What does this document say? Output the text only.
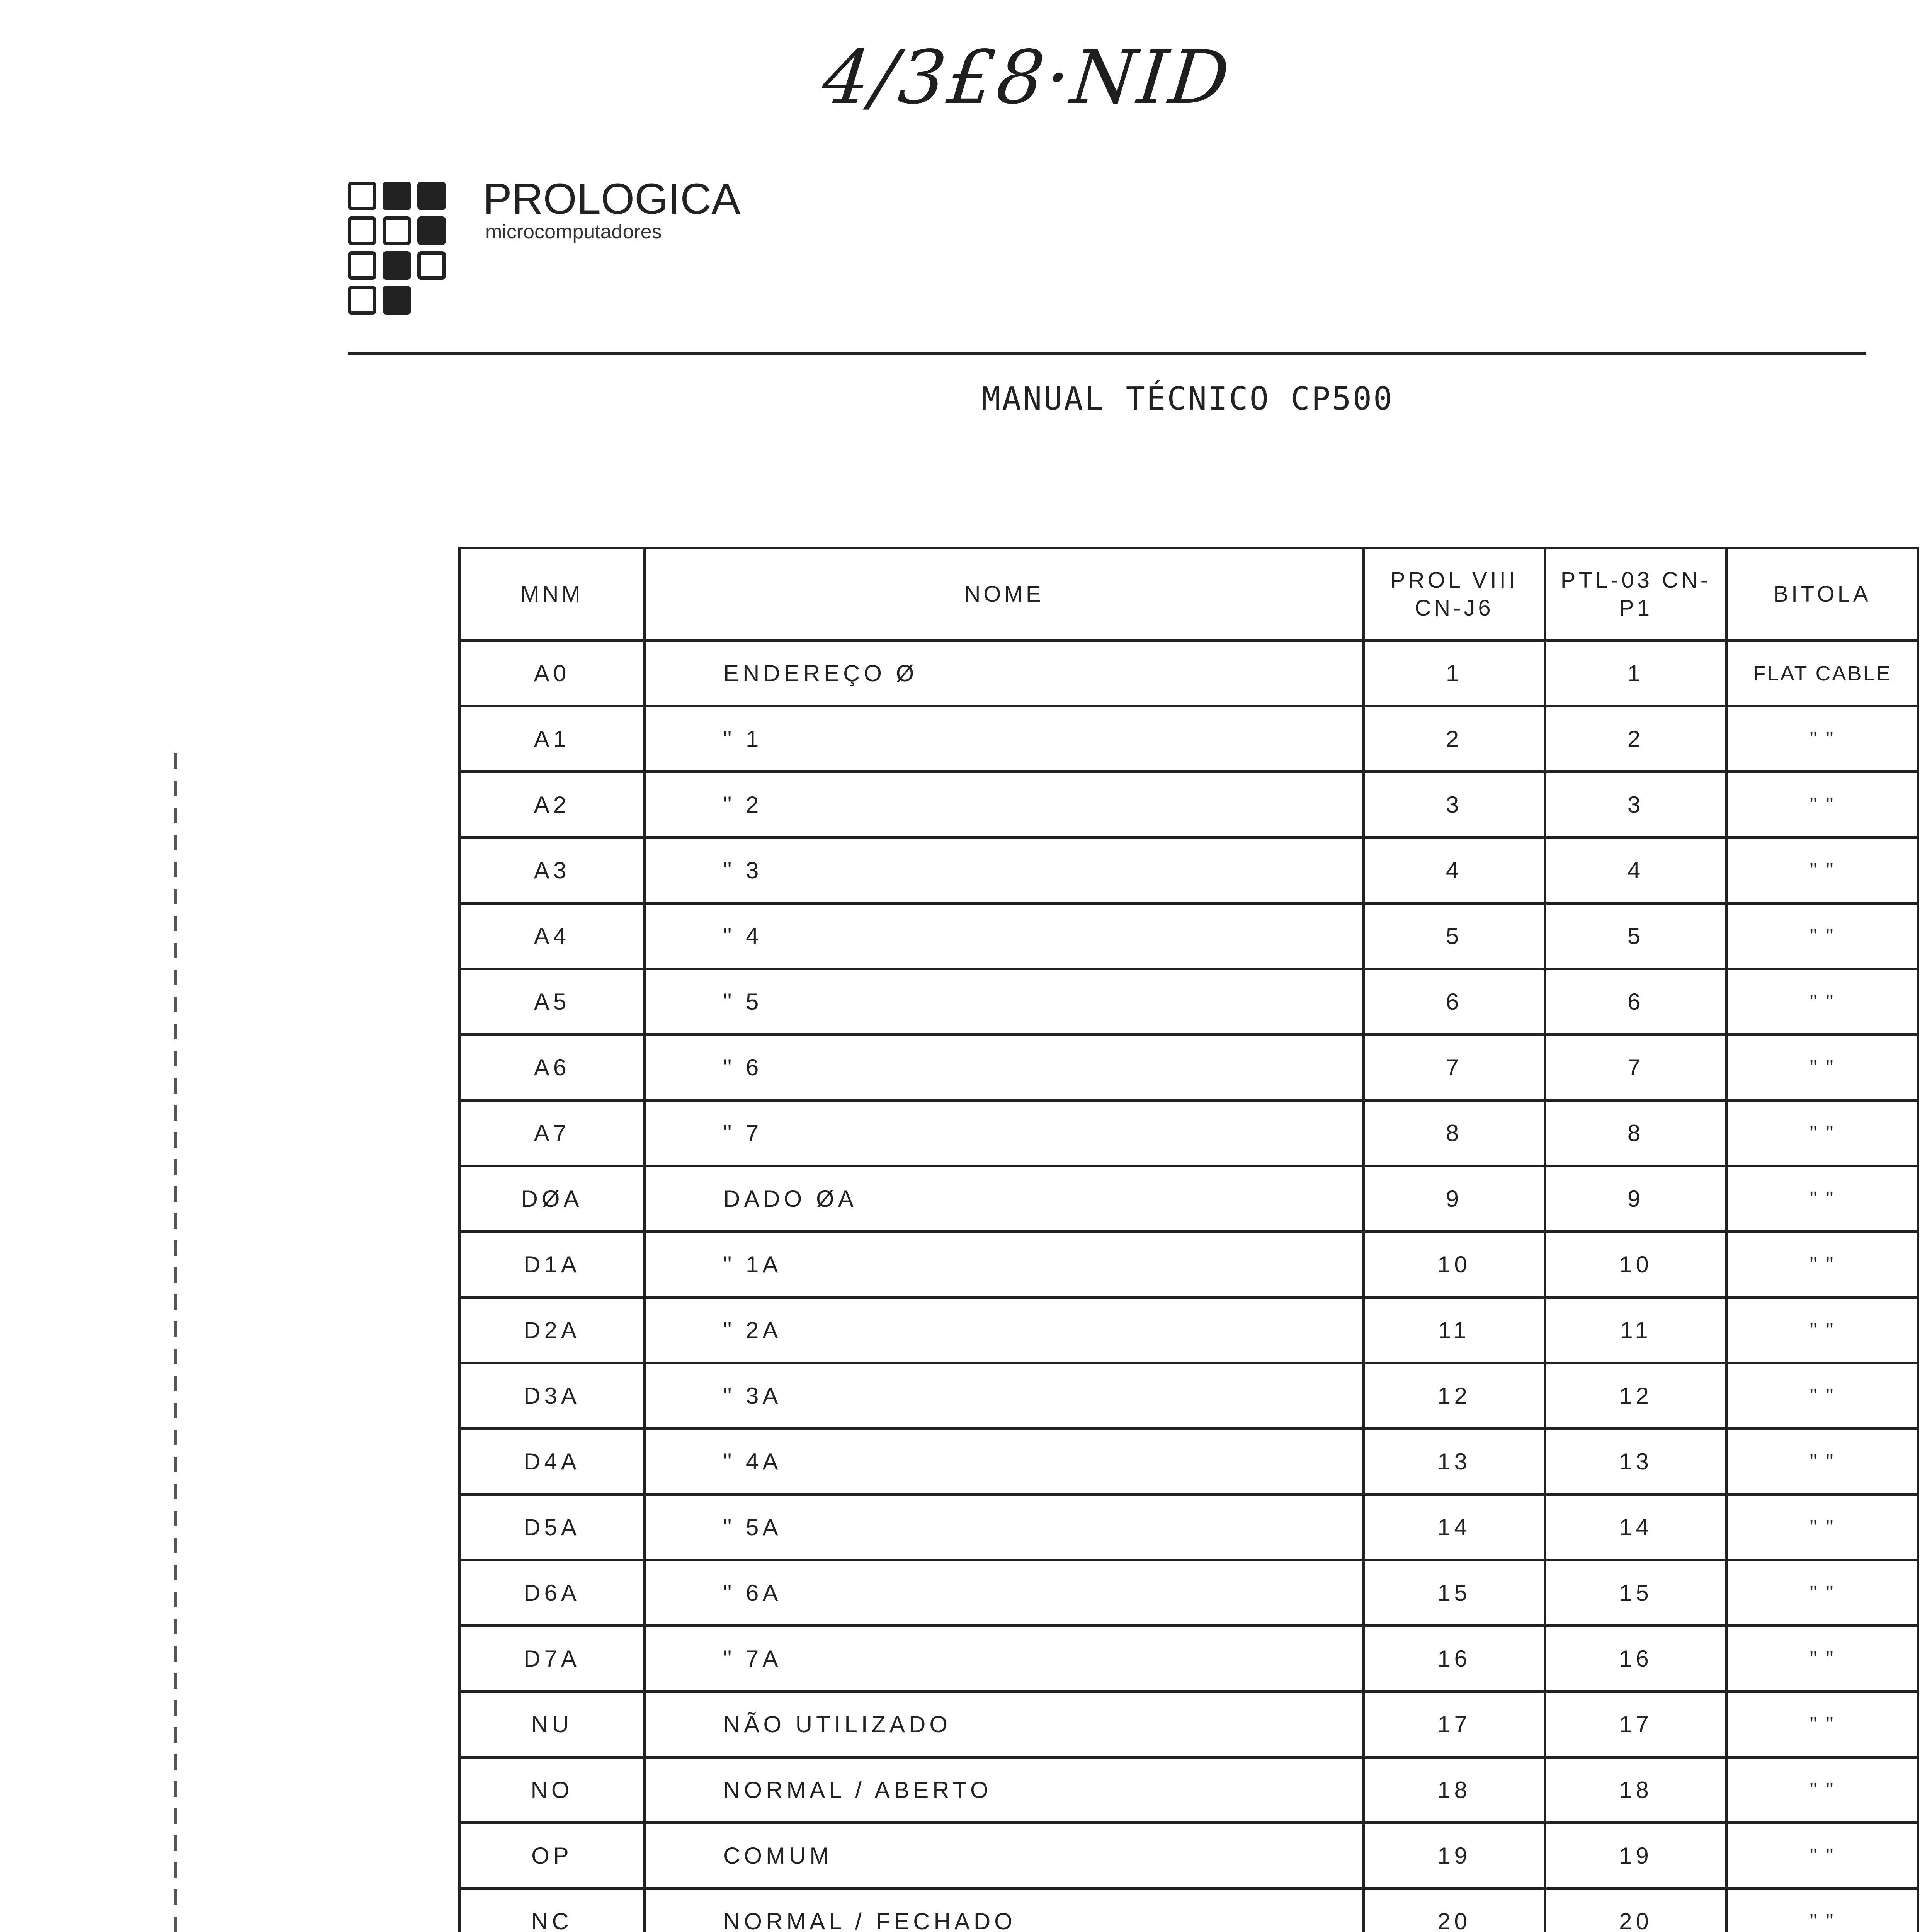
4/3£8·NID
PROLOGICA
microcomputadores
MANUAL TÉCNICO CP500
MNM	NOME	PROL VIII CN-J6	PTL-03 CN-P1	BITOLA
A0	ENDEREÇO Ø	1	1	FLAT CABLE
A1	" 1	2	2	" "
A2	" 2	3	3	" "
A3	" 3	4	4	" "
A4	" 4	5	5	" "
A5	" 5	6	6	" "
A6	" 6	7	7	" "
A7	" 7	8	8	" "
DØA	DADO ØA	9	9	" "
D1A	" 1A	10	10	" "
D2A	" 2A	11	11	" "
D3A	" 3A	12	12	" "
D4A	" 4A	13	13	" "
D5A	" 5A	14	14	" "
D6A	" 6A	15	15	" "
D7A	" 7A	16	16	" "
NU	NÃO UTILIZADO	17	17	" "
NO	NORMAL / ABERTO	18	18	" "
OP	COMUM	19	19	" "
NC	NORMAL / FECHADO	20	20	" "
